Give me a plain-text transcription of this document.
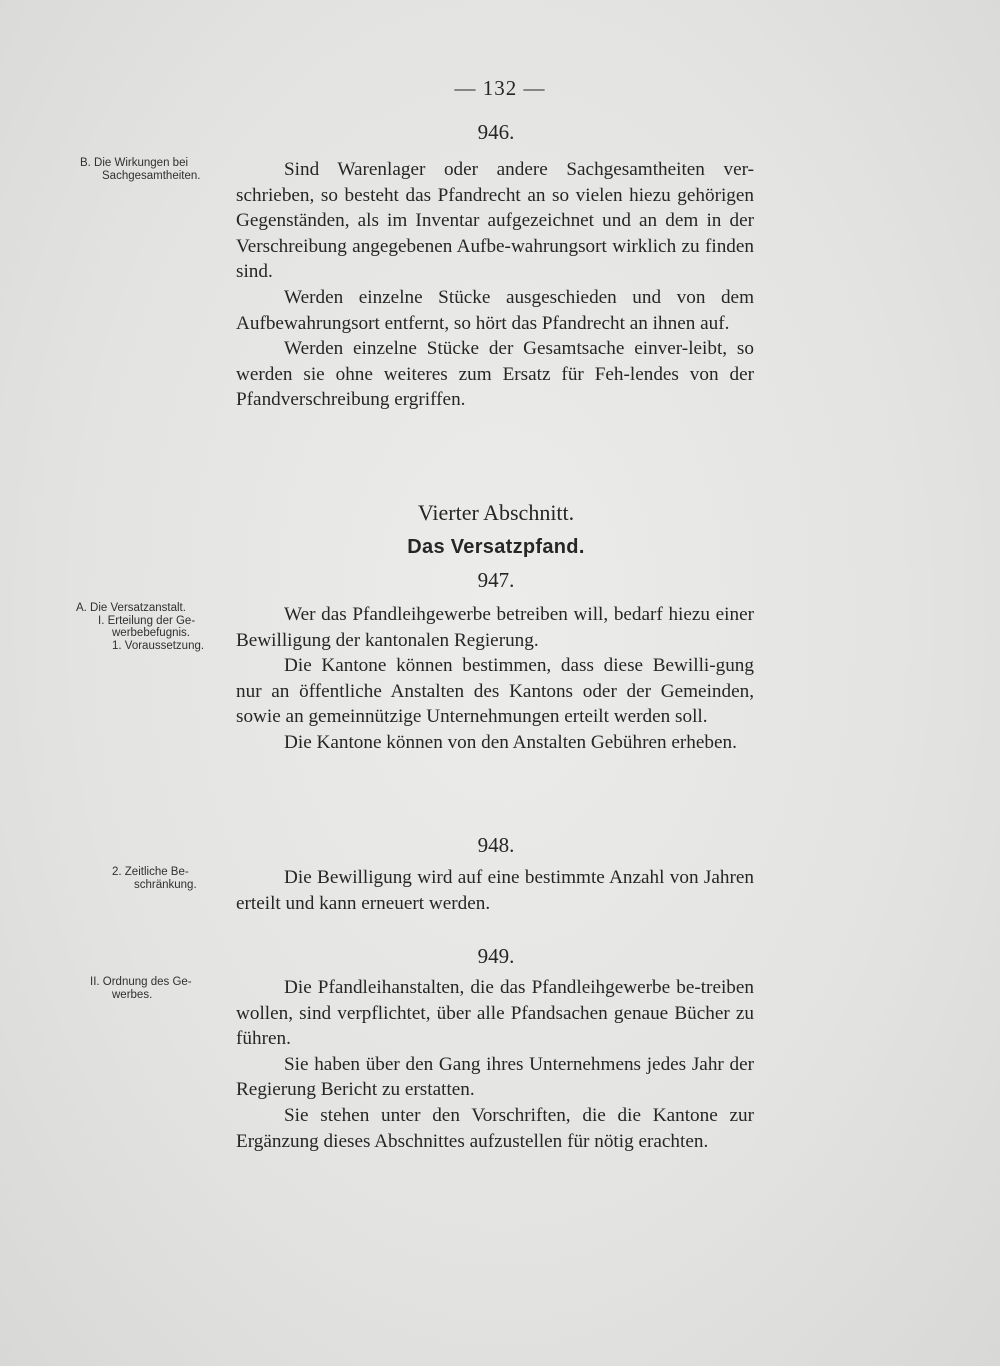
— 132 —
946.
B. Die Wirkungen bei
Sachgesamtheiten.	Sind Warenlager oder andere Sachgesamtheiten ver-schrieben, so besteht das Pfandrecht an so vielen hiezu gehörigen Gegenständen, als im Inventar aufgezeichnet und an dem in der Verschreibung angegebenen Aufbe-wahrungsort wirklich zu finden sind.

Werden einzelne Stücke ausgeschieden und von dem Aufbewahrungsort entfernt, so hört das Pfandrecht an ihnen auf.

Werden einzelne Stücke der Gesamtsache einver-leibt, so werden sie ohne weiteres zum Ersatz für Feh-lendes von der Pfandverschreibung ergriffen.

Vierter Abschnitt.
Das Versatzpfand.
947.
A. Die Versatzanstalt.
I. Erteilung der Ge-
werbebefugnis.
1. Voraussetzung.

Wer das Pfandleihgewerbe betreiben will, bedarf hiezu einer Bewilligung der kantonalen Regierung.

Die Kantone können bestimmen, dass diese Bewilli-gung nur an öffentliche Anstalten des Kantons oder der Gemeinden, sowie an gemeinnützige Unternehmungen erteilt werden soll.

Die Kantone können von den Anstalten Gebühren erheben.

948.
2. Zeitliche Be-
schränkung.	Die Bewilligung wird auf eine bestimmte Anzahl von Jahren erteilt und kann erneuert werden.

949.
II. Ordnung des Ge-
werbes.	Die Pfandleihanstalten, die das Pfandleihgewerbe be-treiben wollen, sind verpflichtet, über alle Pfandsachen genaue Bücher zu führen.

Sie haben über den Gang ihres Unternehmens jedes Jahr der Regierung Bericht zu erstatten.

Sie stehen unter den Vorschriften, die die Kantone zur Ergänzung dieses Abschnittes aufzustellen für nötig erachten.
